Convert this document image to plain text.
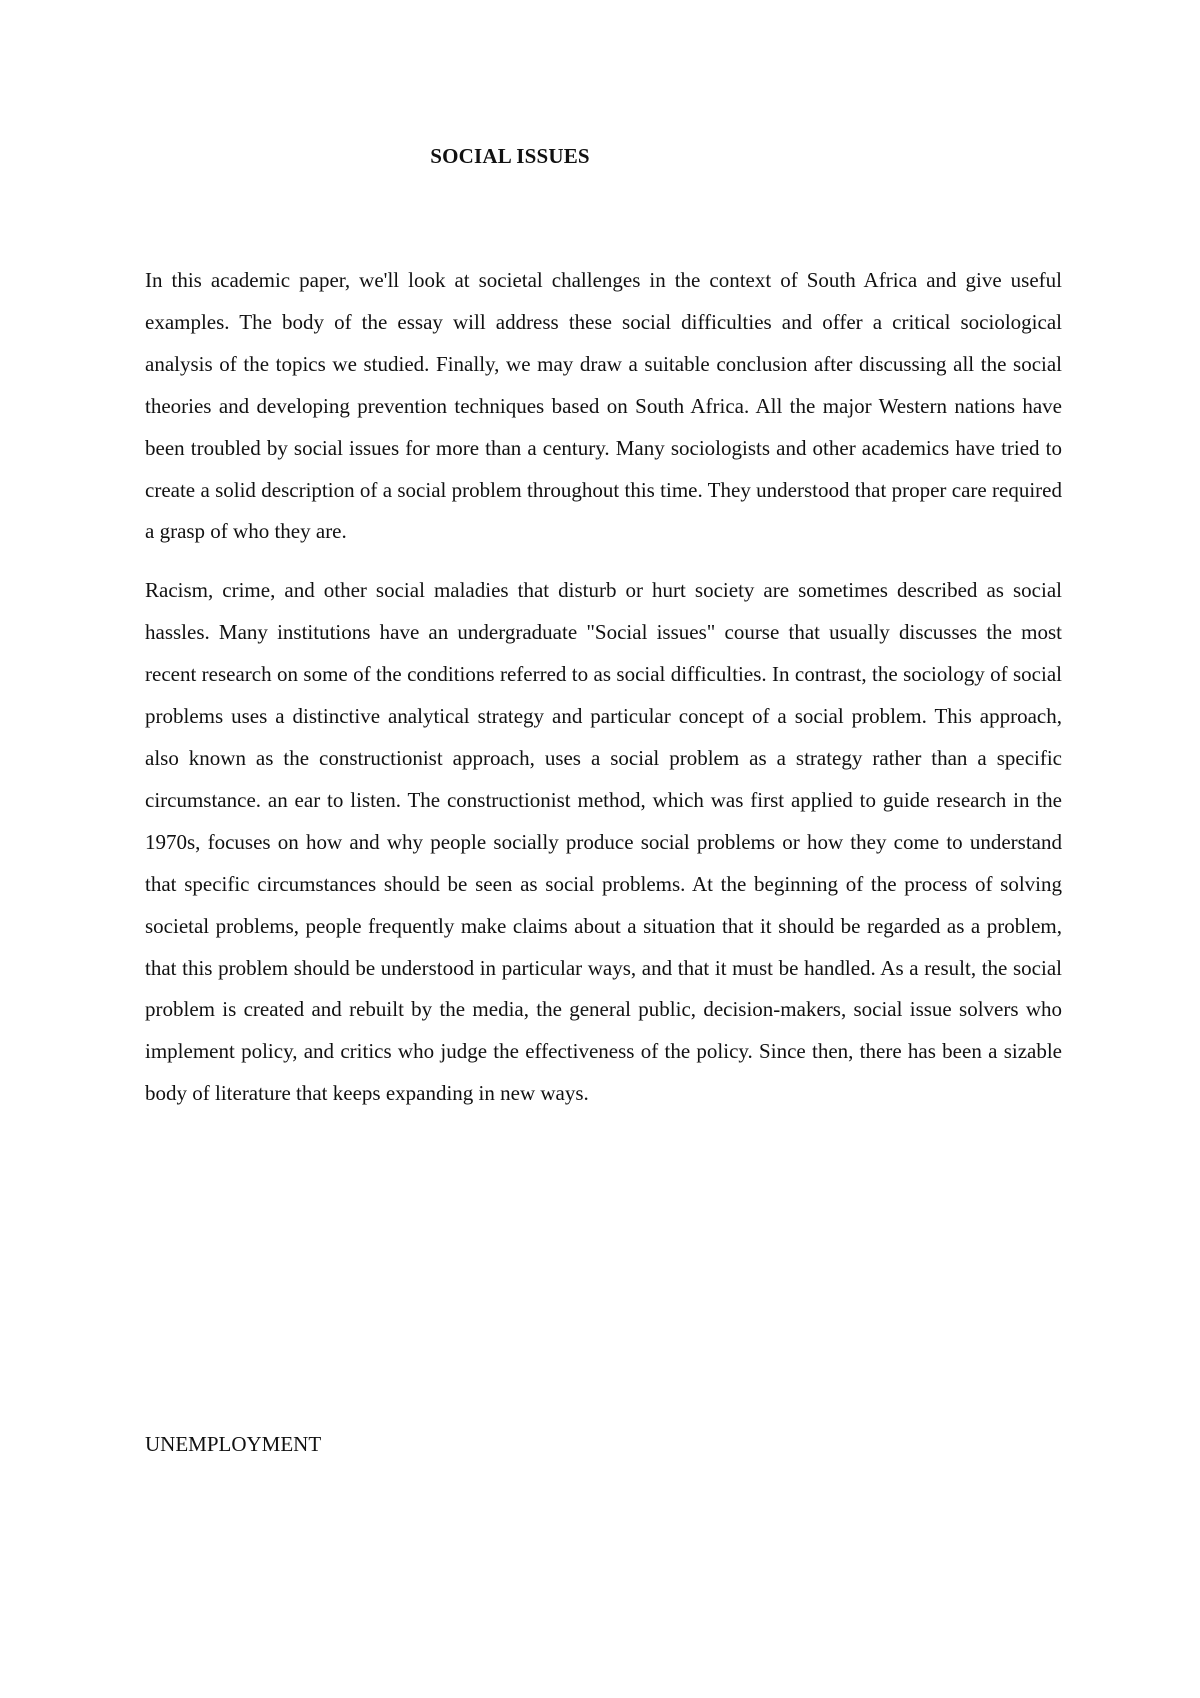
SOCIAL ISSUES

In this academic paper, we'll look at societal challenges in the context of South Africa and give useful examples. The body of the essay will address these social difficulties and offer a critical sociological analysis of the topics we studied. Finally, we may draw a suitable conclusion after discussing all the social theories and developing prevention techniques based on South Africa. All the major Western nations have been troubled by social issues for more than a century. Many sociologists and other academics have tried to create a solid description of a social problem throughout this time. They understood that proper care required a grasp of who they are.

Racism, crime, and other social maladies that disturb or hurt society are sometimes described as social hassles. Many institutions have an undergraduate "Social issues" course that usually discusses the most recent research on some of the conditions referred to as social difficulties. In contrast, the sociology of social problems uses a distinctive analytical strategy and particular concept of a social problem. This approach, also known as the constructionist approach, uses a social problem as a strategy rather than a specific circumstance. an ear to listen. The constructionist method, which was first applied to guide research in the 1970s, focuses on how and why people socially produce social problems or how they come to understand that specific circumstances should be seen as social problems. At the beginning of the process of solving societal problems, people frequently make claims about a situation that it should be regarded as a problem, that this problem should be understood in particular ways, and that it must be handled. As a result, the social problem is created and rebuilt by the media, the general public, decision-makers, social issue solvers who implement policy, and critics who judge the effectiveness of the policy. Since then, there has been a sizable body of literature that keeps expanding in new ways.

UNEMPLOYMENT
